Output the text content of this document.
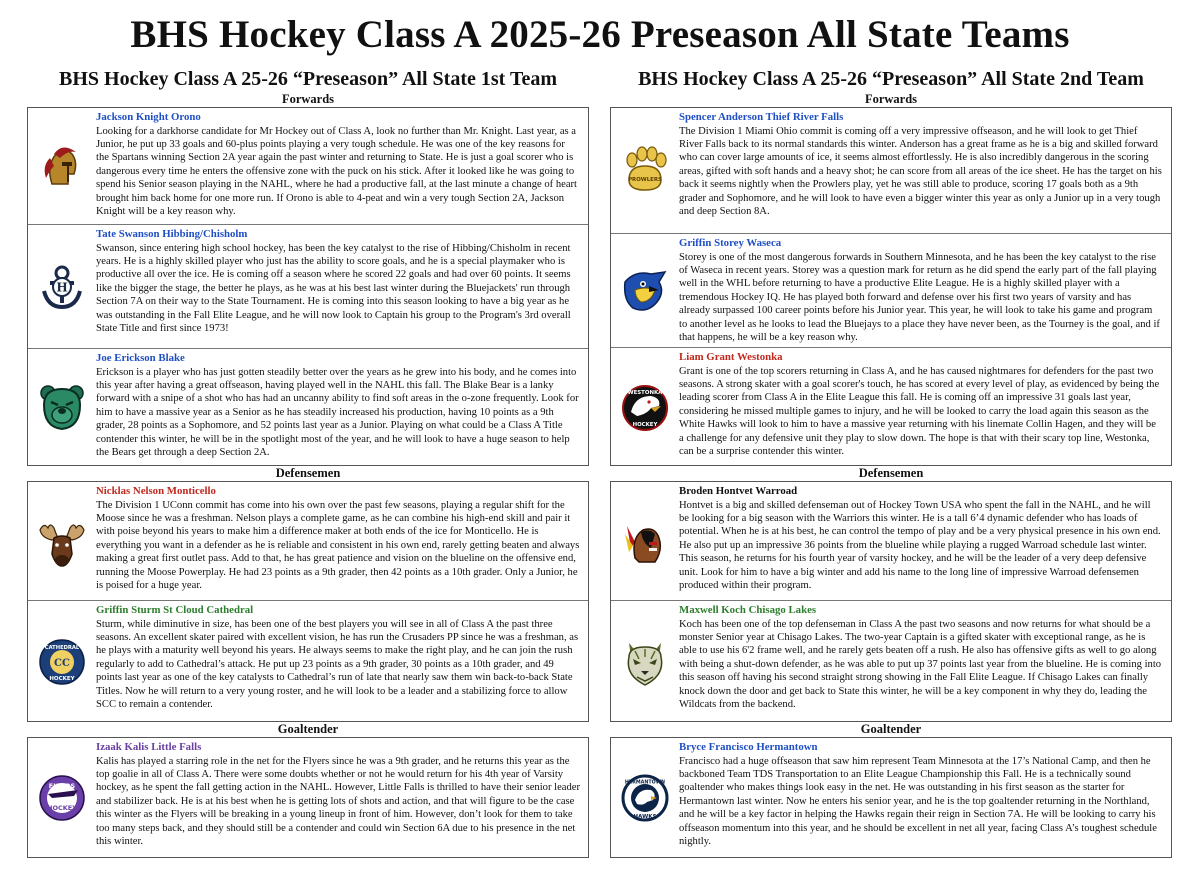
BHS Hockey Class A 2025-26 Preseason All State Teams
BHS Hockey Class A 25-26 “Preseason” All State 1st Team
Forwards
Jackson Knight Orono
Looking for a darkhorse candidate for Mr Hockey out of Class A, look no further than Mr. Knight. Last year, as a Junior, he put up 33 goals and 60-plus points playing a very tough schedule. He was one of the key reasons for the Spartans winning Section 2A year again the past winter and returning to State. He is just a goal scorer who is dangerous every time he enters the offensive zone with the puck on his stick. After it looked like he was going to spend his Senior season playing in the NAHL, where he had a productive fall, at the last minute a change of heart brought him back home for one more run. If Orono is able to 4-peat and win a very tough Section 2A, Jackson Knight will be a key reason why.
H
Tate Swanson Hibbing/Chisholm
Swanson, since entering high school hockey, has been the key catalyst to the rise of Hibbing/Chisholm in recent years. He is a highly skilled player who just has the ability to score goals, and he is a special playmaker who is productive all over the ice. He is coming off a season where he scored 22 goals and had over 60 points. It seems like the bigger the stage, the better he plays, as he was at his best last winter during the Bluejackets' run through Section 7A on their way to the State Tournament. He is coming into this season looking to have a big year as he was outstanding in the Fall Elite League, and he will now look to Captain his group to the Program's 3rd overall State Title and first since 1973!
Joe Erickson Blake
Erickson is a player who has just gotten steadily better over the years as he grew into his body, and he comes into this year after having a great offseason, having played well in the NAHL this fall. The Blake Bear is a lanky forward with a snipe of a shot who has had an uncanny ability to find soft areas in the o-zone frequently. Look for him to have a massive year as a Senior as he has steadily increased his production, having 10 points as a 9th grader, 28 points as a Sophomore, and 52 points last year as a Junior. Playing on what could be a Class A Title contender this winter, he will be in the spotlight most of the year, and he will look to have a huge season to help the Bears get through a deep Section 2A.
Defensemen
Nicklas Nelson Monticello
The Division 1 UConn commit has come into his own over the past few seasons, playing a regular shift for the Moose since he was a freshman. Nelson plays a complete game, as he can combine his high-end skill and pair it with poise beyond his years to make him a difference maker at both ends of the ice for Monticello. He is everything you want in a defender as he is reliable and consistent in his own end, rarely getting beaten and always making a great first outlet pass. Add to that, he has great patience and vision on the blueline on the offensive end, running the Moose Powerplay. He had 23 points as a 9th grader, then 42 points as a 10th grader. Only a Junior, he is poised for a huge year.
CATHEDRAL
CC
HOCKEY
Griffin Sturm St Cloud Cathedral
Sturm, while diminutive in size, has been one of the best players you will see in all of Class A the past three seasons. An excellent skater paired with excellent vision, he has run the Crusaders PP since he was a freshman, as he plays with a maturity well beyond his years. He always seems to make the right play, and he can join the rush regularly to add to Cathedral’s attack. He put up 23 points as a 9th grader, 30 points as a 10th grader, and 49 points last year as one of the key catalysts to Cathedral’s run of late that nearly saw them win back-to-back State Titles. Now he will return to a very young roster, and he will look to be a leader and a stabilizing force to allow SCC to remain a contender.
Goaltender
FLYERS
HOCKEY
Izaak Kalis Little Falls
Kalis has played a starring role in the net for the Flyers since he was a 9th grader, and he returns this year as the top goalie in all of Class A. There were some doubts whether or not he would return for his 4th year of Varsity hockey, as he spent the fall getting action in the NAHL. However, Little Falls is thrilled to have their senior leader and stabilizer back. He is at his best when he is getting lots of shots and action, and that will figure to be the case this winter as the Flyers will be breaking in a young lineup in front of him. However, don’t look for them to take too many steps back, and they should still be a contender and could win Section 6A due to his presence in the net this winter.
BHS Hockey Class A 25-26 “Preseason” All State 2nd Team
Forwards
PROWLERS
Spencer Anderson Thief River Falls
The Division 1 Miami Ohio commit is coming off a very impressive offseason, and he will look to get Thief River Falls back to its normal standards this winter. Anderson has a great frame as he is a big and skilled forward who can cover large amounts of ice, it seems almost effortlessly. He is also incredibly dangerous in the scoring areas, gifted with soft hands and a heavy shot; he can score from all areas of the ice sheet. He has the target on his back it seems nightly when the Prowlers play, yet he was still able to produce, scoring 17 goals both as a 9th grader and Sophomore, and he will look to have even a bigger winter this year as only a Junior up in a very tough and deep Section 8A.
Griffin Storey Waseca
Storey is one of the most dangerous forwards in Southern Minnesota, and he has been the key catalyst to the rise of Waseca in recent years. Storey was a question mark for return as he did spend the early part of the fall playing well in the WHL before returning to have a productive Elite League. He is a highly skilled player with a tremendous Hockey IQ. He has played both forward and defense over his first two years of varsity and has already surpassed 100 career points before his Junior year. This year, he will look to take his game and program to another level as he looks to lead the Bluejays to a place they have never been, as the Tourney is the goal, and if that happens, he will be a key reason why.
WESTONKA
HOCKEY
Liam Grant Westonka
Grant is one of the top scorers returning in Class A, and he has caused nightmares for defenders for the past two seasons. A strong skater with a goal scorer's touch, he has scored at every level of play, as evidenced by being the leading scorer from Class A in the Elite League this fall. He is coming off an impressive 31 goals last year, considering he missed multiple games to injury, and he will be looked to carry the load again this season as the White Hawks will look to him to have a massive year returning with his linemate Collin Hagen, and they will be a challenge for any defensive unit they play to slow down. The hope is that with their scary top line, Westonka, can be a surprise contender this winter.
Defensemen
Broden Hontvet Warroad
Hontvet is a big and skilled defenseman out of Hockey Town USA who spent the fall in the NAHL, and he will be looking for a big season with the Warriors this winter. He is a tall 6’4 dynamic defender who has loads of potential. When he is at his best, he can control the tempo of play and be a very physical presence in his own end. He also put up an impressive 36 points from the blueline while playing a rugged Warroad schedule last winter. This season, he returns for his fourth year of varsity hockey, and he will be the leader of a very deep defensive unit. Look for him to have a big winter and add his name to the long line of impressive Warroad defensemen produced within their program.
Maxwell Koch Chisago Lakes
Koch has been one of the top defenseman in Class A the past two seasons and now returns for what should be a monster Senior year at Chisago Lakes. The two-year Captain is a gifted skater with exceptional range, as he is able to use his 6'2 frame well, and he rarely gets beaten off a rush. He also has offensive gifts as well to go along with being a shut-down defender, as he was able to put up 37 points last year from the blueline. He is coming into this season off having his second straight strong showing in the Fall Elite League. If Chisago Lakes can finally knock down the door and get back to State this winter, he will be a key component in why they do, leading the Wildcats from the backend.
Goaltender
HERMANTOWN
HAWKS
Bryce Francisco Hermantown
Francisco had a huge offseason that saw him represent Team Minnesota at the 17’s National Camp, and then he backboned Team TDS Transportation to an Elite League Championship this Fall. He is a technically sound goaltender who makes things look easy in the net. He was outstanding in his first season as the starter for Hermantown last winter. Now he enters his senior year, and he is the top goaltender returning in the Northland, and he will be a key factor in helping the Hawks regain their reign in Section 7A. He will be looking to carry his offseason momentum into this year, and he should be excellent in net all year, facing Class A’s toughest schedule nightly.
